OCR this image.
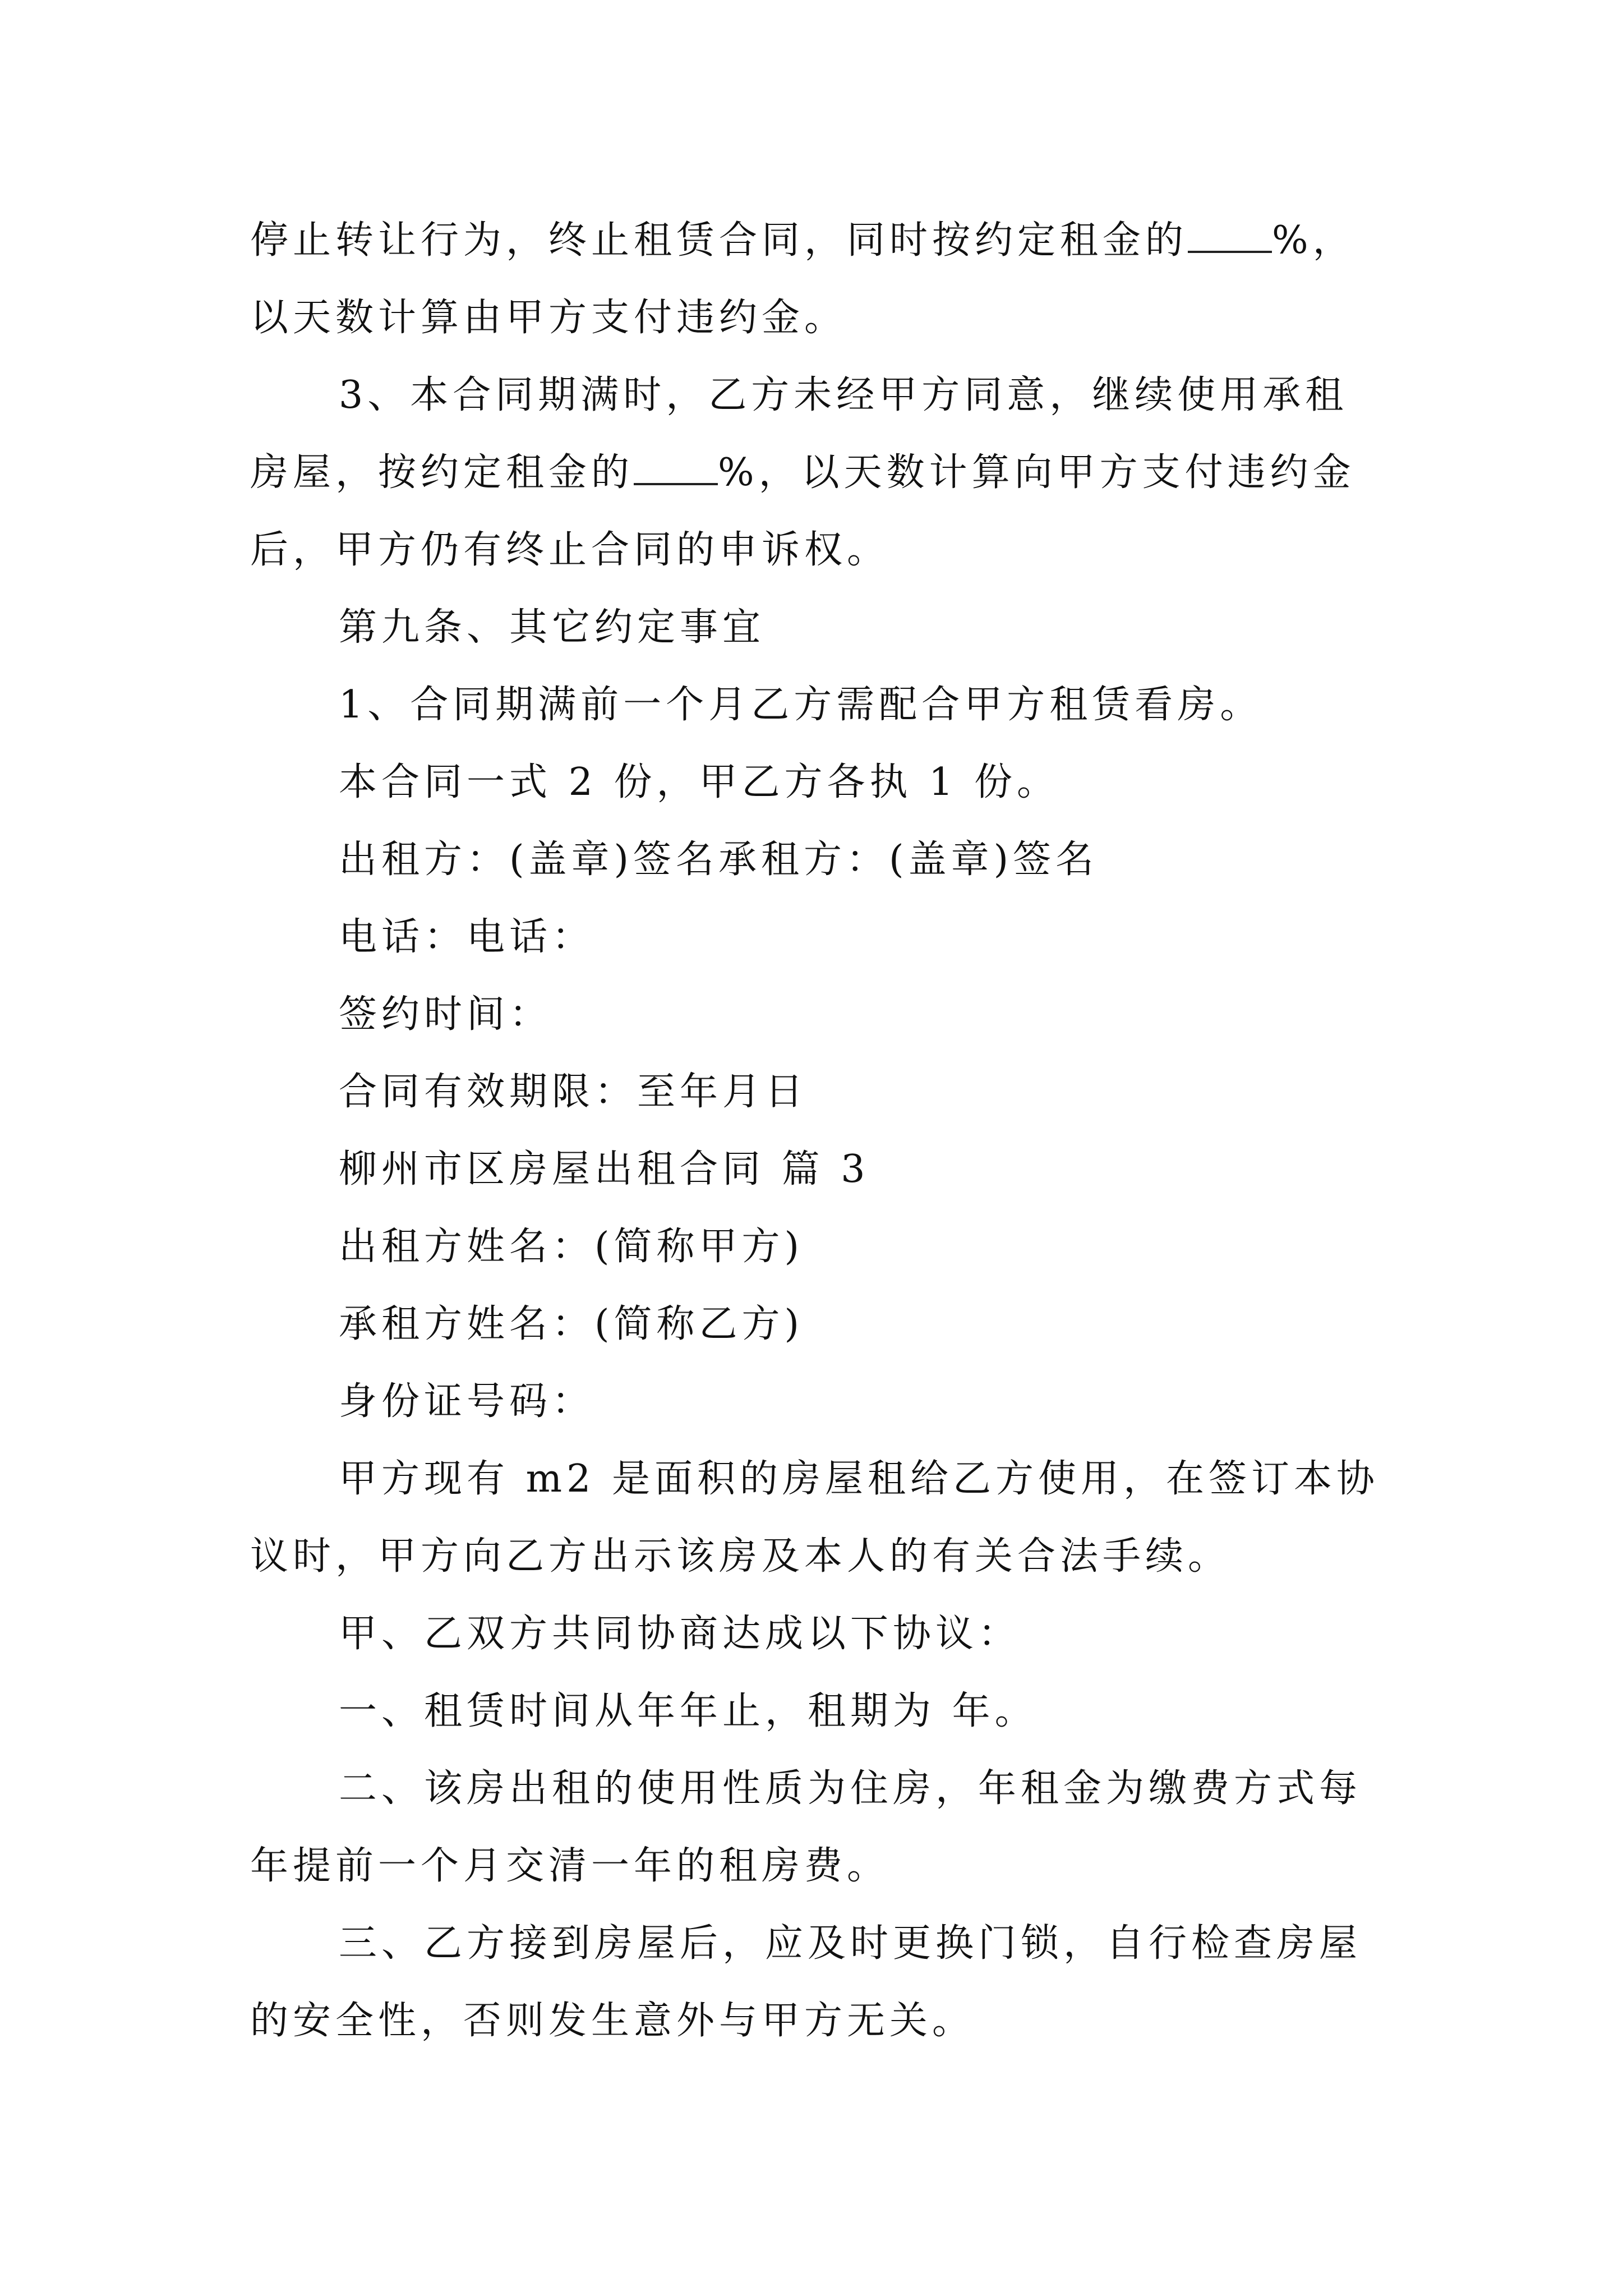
停止转让行为，终止租赁合同，同时按约定租金的 %，
以天数计算由甲方支付违约金。
3、本合同期满时，乙方未经甲方同意，继续使用承租
房屋，按约定租金的 %，以天数计算向甲方支付违约金
后，甲方仍有终止合同的申诉权。
第九条、其它约定事宜
1、合同期满前一个月乙方需配合甲方租赁看房。
本合同一式 2 份，甲乙方各执 1 份。
出租方：(盖章)签名承租方：(盖章)签名
电话：电话：
签约时间：
合同有效期限：至年月日
柳州市区房屋出租合同 篇 3
出租方姓名：(简称甲方)
承租方姓名：(简称乙方)
身份证号码：
甲方现有 m2 是面积的房屋租给乙方使用，在签订本协
议时，甲方向乙方出示该房及本人的有关合法手续。
甲、乙双方共同协商达成以下协议：
一、租赁时间从年年止，租期为 年。
二、该房出租的使用性质为住房，年租金为缴费方式每
年提前一个月交清一年的租房费。
三、乙方接到房屋后，应及时更换门锁，自行检查房屋
的安全性，否则发生意外与甲方无关。
